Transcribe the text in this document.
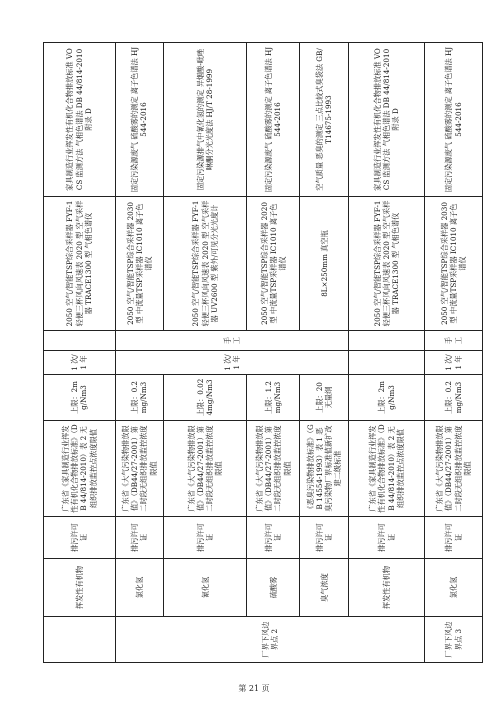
	挥发性有机物	排污许可证	广东省《家具制造行业挥发性有机化合物排放标准》（DB 44/814-2010）表 2 无组织排放监控点浓度限值	上限：2mg/Nm3	1 次/1 年		2050 空气/智能TSP综合采样器 FYF-1 轻便三杯风向风速表 2020 型 空气采样器 TRACE1300 型 气相色谱仪	家具制造行业挥发性有机化合物排放标准 VOCS 监测方法 气相色谱法 DB 44/814-2010 附录 D
厂界下风边界点 2	氯化氢	排污许可证	广东省《大气污染物排放限值》（DB44/27-2001）第二时段无组织排放监控浓度限值	上限：0.2mg/Nm3	1 次/1 年	手工	2050 空气/智能TSP综合采样器 2030 型 中流量TSP采样器 IC1010 离子色谱仪	固定污染源废气 硫酸雾的测定 离子色谱法 HJ544-2016
	氰化氢	排污许可证	广东省《大气污染物排放限值》（DB44/27-2001）第二时段无组织排放监控浓度限值	上限：0.024mg/Nm3			2050 空气/智能TSP综合采样器 FYF-1 轻便三杯风向风速表 2020 型 空气采样器 UV2600 型 紫外/可见分光光度计	固定污染源排气中氰化氢的测定 异烟酸-吡唑啉酮分光光度法 HJ/T 28-1999
	硫酸雾	排污许可证	广东省《大气污染物排放限值》（DB44/27-2001）第二时段无组织排放监控浓度限值	上限：1.2mg/Nm3			2050 空气/智能TSP综合采样器 2020 型 中流量TSP采样器 IC1010 离子色谱仪	固定污染源废气 硫酸雾的测定 离子色谱法 HJ544-2016
	臭气浓度	排污许可证	《恶臭污染物排放标准》（GB 14554-1993）表 1 恶臭污染物厂界标准值新扩改建二级标准	上限：20 无量纲			8L×250mm 真空瓶	空气质量 恶臭的测定 三点比较式臭袋法 GB/T14675-1993
	挥发性有机物	排污许可证	广东省《家具制造行业挥发性有机化合物排放标准》（DB 44/814-2010）表 2 无组织排放监控点浓度限值	上限：2mg/Nm3			2050 空气/智能TSP综合采样器 FYF-1 轻便三杯风向风速表 2020 型 空气采样器 TRACE1300 型 气相色谱仪	家具制造行业挥发性有机化合物排放标准 VOCS 监测方法 气相色谱法 DB 44/814-2010 附录 D
厂界下风边界点 3	氯化氢	排污许可证	广东省《大气污染物排放限值》（DB44/27-2001）第二时段无组织排放监控浓度限值	上限：0.2mg/Nm3	1 次/1 年	手工	2050 空气/智能TSP综合采样器 2030 型 中流量TSP采样器 IC1010 离子色谱仪	固定污染源废气 硫酸雾的测定 离子色谱法 HJ544-2016
第 21 页
